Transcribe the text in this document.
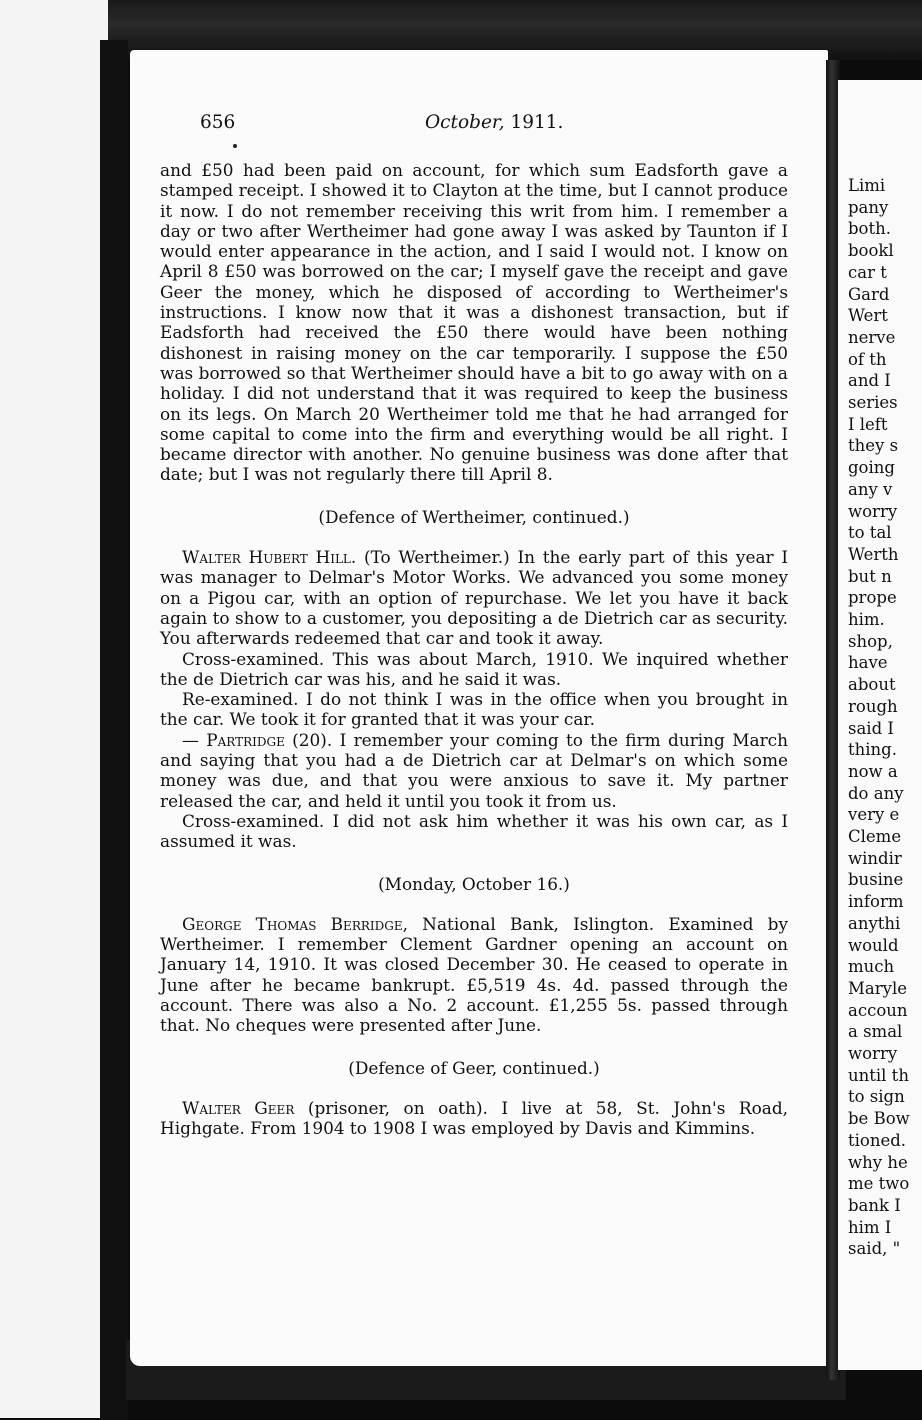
Limi
pany
both.
bookl
car t
Gard
Wert
nerve
of th
and I
series
I left
they s
going
any v
worry
to tal
Werth
but n
prope
him.
shop,
have
about
rough
said I
thing.
now a
do any
very e
Cleme
windir
busine
inform
anythi
would
much
Maryle
accoun
a smal
worry
until th
to sign
be Bow
tioned.
why he
me two
bank I
him I
said, "
656	October, 1911.

and £50 had been paid on account, for which sum Eadsforth gave a stamped receipt. I showed it to Clayton at the time, but I cannot produce it now. I do not remember receiving this writ from him. I remember a day or two after Wertheimer had gone away I was asked by Taunton if I would enter appearance in the action, and I said I would not. I know on April 8 £50 was borrowed on the car; I myself gave the receipt and gave Geer the money, which he disposed of according to Wertheimer's instructions. I know now that it was a dishonest transaction, but if Eadsforth had received the £50 there would have been nothing dishonest in raising money on the car temporarily. I suppose the £50 was borrowed so that Wertheimer should have a bit to go away with on a holiday. I did not understand that it was required to keep the business on its legs. On March 20 Wertheimer told me that he had arranged for some capital to come into the firm and everything would be all right. I became director with another. No genuine business was done after that date; but I was not regularly there till April 8.

(Defence of Wertheimer, continued.)

Walter Hubert Hill. (To Wertheimer.) In the early part of this year I was manager to Delmar's Motor Works. We advanced you some money on a Pigou car, with an option of repurchase. We let you have it back again to show to a customer, you depositing a de Dietrich car as security. You afterwards redeemed that car and took it away.

Cross-examined. This was about March, 1910. We inquired whether the de Dietrich car was his, and he said it was.

Re-examined. I do not think I was in the office when you brought in the car. We took it for granted that it was your car.

— Partridge (20). I remember your coming to the firm during March and saying that you had a de Dietrich car at Delmar's on which some money was due, and that you were anxious to save it. My partner released the car, and held it until you took it from us.

Cross-examined. I did not ask him whether it was his own car, as I assumed it was.

(Monday, October 16.)

George Thomas Berridge, National Bank, Islington. Examined by Wertheimer. I remember Clement Gardner opening an account on January 14, 1910. It was closed December 30. He ceased to operate in June after he became bankrupt. £5,519 4s. 4d. passed through the account. There was also a No. 2 account. £1,255 5s. passed through that. No cheques were presented after June.

(Defence of Geer, continued.)

Walter Geer (prisoner, on oath). I live at 58, St. John's Road, Highgate. From 1904 to 1908 I was employed by Davis and Kimmins.
